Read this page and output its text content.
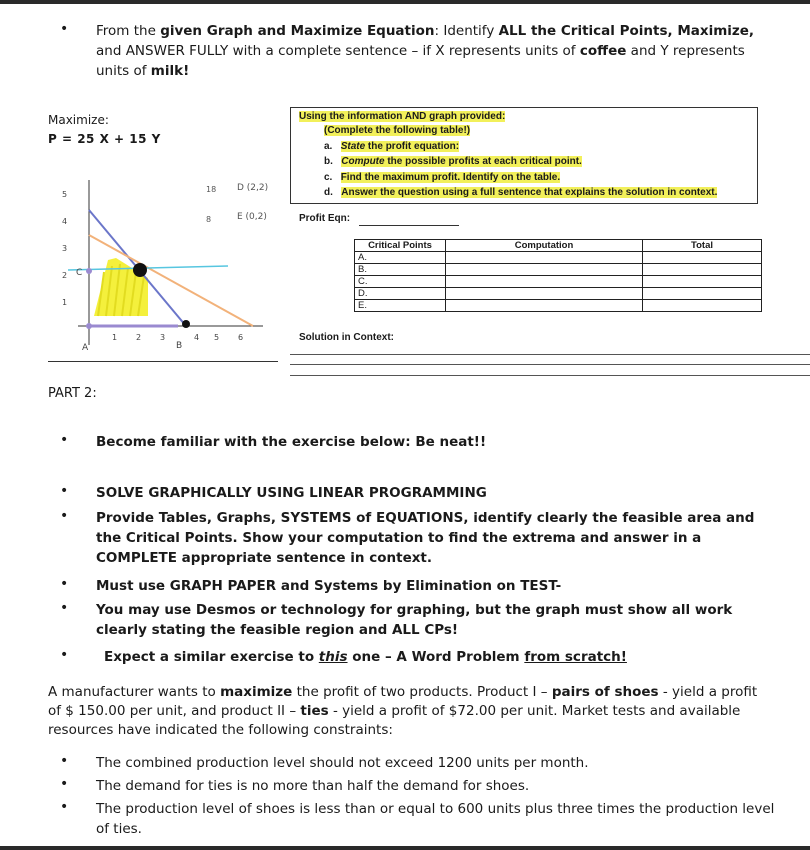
• From the given Graph and Maximize Equation: Identify ALL the Critical Points, Maximize, and ANSWER FULLY with a complete sentence – if X represents units of coffee and Y represents units of milk!
Maximize:
P = 25 X + 15 Y
5
4
3
2
1
1 2 3	4 5 6
A	B
C
18
8
D (2,2)
E (0,2)
Using the information AND graph provided:
(Complete the following table!)
a. State the profit equation:
b. Compute the possible profits at each critical point.
c. Find the maximum profit. Identify on the table.
d. Answer the question using a full sentence that explains the solution in context.
Profit Eqn:
Critical Points	Computation	Total
A.		
B.		
C.		
D.		
E.		
Solution in Context:
PART 2:
• Become familiar with the exercise below: Be neat!!
• SOLVE GRAPHICALLY USING LINEAR PROGRAMMING
• Provide Tables, Graphs, SYSTEMS of EQUATIONS, identify clearly the feasible area and the Critical Points. Show your computation to find the extrema and answer in a COMPLETE appropriate sentence in context.
• Must use GRAPH PAPER and Systems by Elimination on TEST-
• You may use Desmos or technology for graphing, but the graph must show all work clearly stating the feasible region and ALL CPs!
•	Expect a similar exercise to this one – A Word Problem from scratch!
A manufacturer wants to maximize the profit of two products. Product I – pairs of shoes - yield a profit of $ 150.00 per unit, and product II – ties - yield a profit of $72.00 per unit. Market tests and available resources have indicated the following constraints:
• The combined production level should not exceed 1200 units per month.
• The demand for ties is no more than half the demand for shoes.
• The production level of shoes is less than or equal to 600 units plus three times the production level of ties.
